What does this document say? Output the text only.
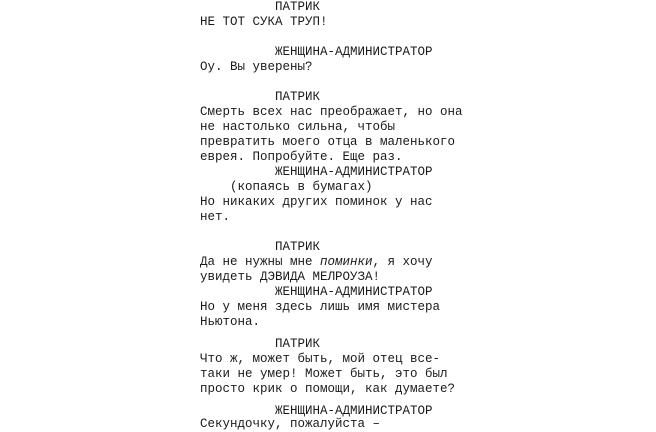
ПАТРИК
НЕ ТОТ СУКА ТРУП!
ЖЕНЩИНА-АДМИНИСТРАТОР
Оу. Вы уверены?
ПАТРИК
Смерть всех нас преображает, но она
не настолько сильна, чтобы
превратить моего отца в маленького
еврея. Попробуйте. Еще раз.
ЖЕНЩИНА-АДМИНИСТРАТОР
(копаясь в бумагах)
Но никаких других поминок у нас
нет.
ПАТРИК
Да не нужны мне поминки, я хочу
увидеть ДЭВИДА МЕЛРОУЗА!
ЖЕНЩИНА-АДМИНИСТРАТОР
Но у меня здесь лишь имя мистера
Ньютона.
ПАТРИК
Что ж, может быть, мой отец все-
таки не умер! Может быть, это был
просто крик о помощи, как думаете?
ЖЕНЩИНА-АДМИНИСТРАТОР
Секундочку, пожалуйста –
